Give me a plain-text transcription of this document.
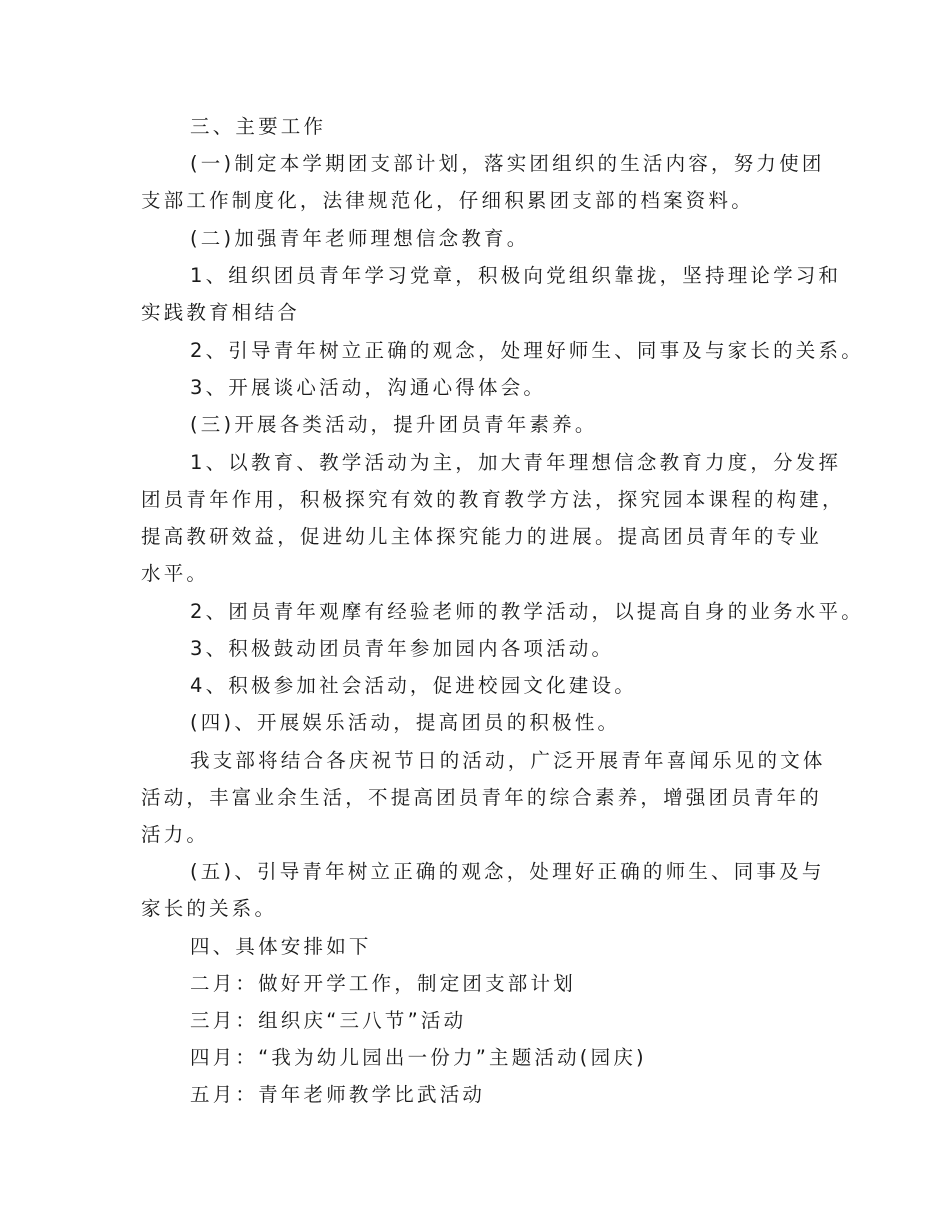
三、主要工作

(一)制定本学期团支部计划，落实团组织的生活内容，努力使团

支部工作制度化，法律规范化，仔细积累团支部的档案资料。

(二)加强青年老师理想信念教育。

1、组织团员青年学习党章，积极向党组织靠拢，坚持理论学习和

实践教育相结合

2、引导青年树立正确的观念，处理好师生、同事及与家长的关系。

3、开展谈心活动，沟通心得体会。

(三)开展各类活动，提升团员青年素养。

1、以教育、教学活动为主，加大青年理想信念教育力度，分发挥

团员青年作用，积极探究有效的教育教学方法，探究园本课程的构建，

提高教研效益，促进幼儿主体探究能力的进展。提高团员青年的专业

水平。

2、团员青年观摩有经验老师的教学活动，以提高自身的业务水平。

3、积极鼓动团员青年参加园内各项活动。

4、积极参加社会活动，促进校园文化建设。

(四)、开展娱乐活动，提高团员的积极性。

我支部将结合各庆祝节日的活动，广泛开展青年喜闻乐见的文体

活动，丰富业余生活，不提高团员青年的综合素养，增强团员青年的

活力。

(五)、引导青年树立正确的观念，处理好正确的师生、同事及与

家长的关系。

四、具体安排如下

二月：做好开学工作，制定团支部计划

三月：组织庆“三八节”活动

四月：“我为幼儿园出一份力”主题活动(园庆)

五月：青年老师教学比武活动
